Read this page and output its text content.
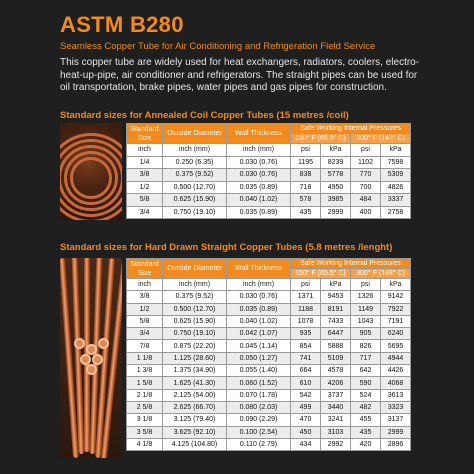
ASTM B280
Seamless Copper Tube for Air Conditioning and Refrigeration Field Service
This copper tube are widely used for heat exchangers, radiators, coolers, electro-heat-up-pipe, air conditioner and refrigerators. The straight pipes can be used for oil transportation, brake pipes, water pipes and gas pipes for construction.
Standard sizes for Annealed Coil Copper Tubes (15 metres /coil)
Standard Size	Outside Diameter	Wall Thickness	Safe Working Internal Pressures			
			150° F (65.5° C)		300° F (148° C)	
inch	inch (mm)	inch (mm)	psi	kPa	psi	kPa
1/4	0.250 (6.35)	0.030 (0.76)	1195	8239	1102	7598
3/8	0.375 (9.52)	0.030 (0.76)	838	5778	770	5309
1/2	0.500 (12.70)	0.035 (0.89)	718	4950	700	4826
5/8	0.625 (15.90)	0.040 (1.02)	578	3985	484	3337
3/4	0.750 (19.10)	0.035 (0.89)	435	2999	400	2758
Standard sizes for Hard Drawn Straight Copper Tubes (5.8 metres /lenght)
Standard Size	Outside Diameter	Wall Thickness	Safe Working Internal Pressures			
			150° F (65.5° C)		300° F (148° C)	
inch	inch (mm)	inch (mm)	psi	kPa	psi	kPa
3/8	0.375 (9.52)	0.030 (0.76)	1371	9453	1326	9142
1/2	0.500 (12.70)	0.035 (0.89)	1188	8191	1149	7922
5/8	0.625 (15.90)	0.040 (1.02)	1078	7433	1043	7191
3/4	0.750 (19.10)	0.042 (1.07)	935	6447	905	6240
7/8	0.875 (22.20)	0.045 (1.14)	854	5888	826	5695
1 1/8	1.125 (28.60)	0.050 (1.27)	741	5109	717	4944
1 3/8	1.375 (34.90)	0.055 (1.40)	664	4578	642	4426
1 5/8	1.625 (41.30)	0.060 (1.52)	610	4206	590	4068
2 1/8	2.125 (54.00)	0.070 (1.78)	542	3737	524	3613
2 5/8	2.625 (66.70)	0.080 (2.03)	499	3440	482	3323
3 1/8	3.125 (79.40)	0.090 (2.29)	470	3241	455	3137
3 5/8	3.625 (92.10)	0.100 (2.54)	450	3103	435	2999
4 1/8	4.125 (104.80)	0.110 (2.79)	434	2992	420	2896
